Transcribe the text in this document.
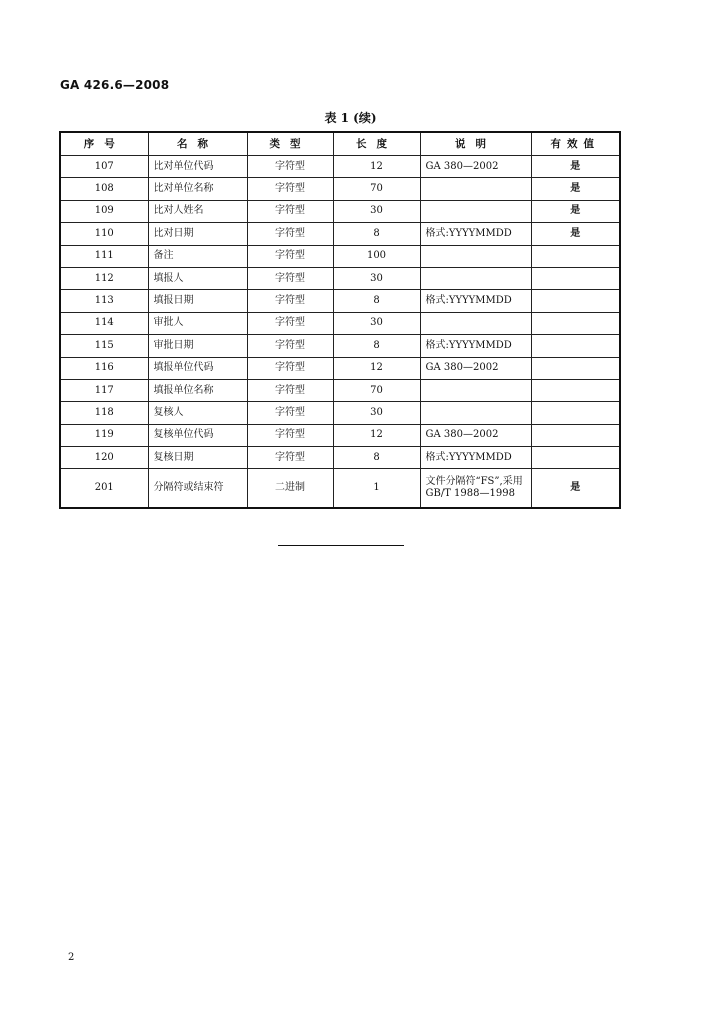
GA 426.6—2008
表 1 (续)
序号	名称	类型	长度	说明	有效值
107	比对单位代码	字符型	12	GA 380—2002	是
108	比对单位名称	字符型	70		是
109	比对人姓名	字符型	30		是
110	比对日期	字符型	8	格式:YYYYMMDD	是
111	备注	字符型	100		
112	填报人	字符型	30		
113	填报日期	字符型	8	格式:YYYYMMDD	
114	审批人	字符型	30		
115	审批日期	字符型	8	格式:YYYYMMDD	
116	填报单位代码	字符型	12	GA 380—2002	
117	填报单位名称	字符型	70		
118	复核人	字符型	30		
119	复核单位代码	字符型	12	GA 380—2002	
120	复核日期	字符型	8	格式:YYYYMMDD	
201	分隔符或结束符	二进制	1	文件分隔符“FS”,采用 GB/T 1988—1998	是
2
